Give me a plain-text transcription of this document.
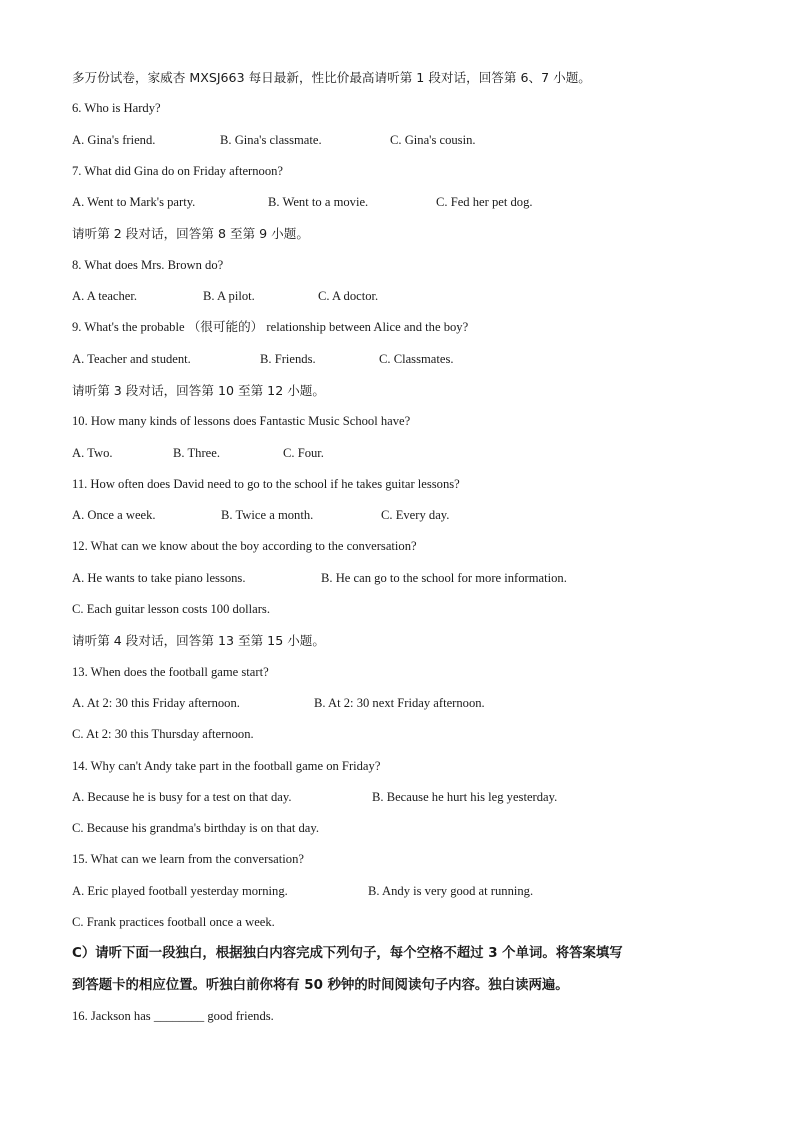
多万份试卷，家威杏 MXSJ663 每日最新，性比价最高请听第 1 段对话，回答第 6、7 小题。
6. Who is Hardy?
A. Gina's friend.	B. Gina's classmate.	C. Gina's cousin.
7. What did Gina do on Friday afternoon?
A. Went to Mark's party.	B. Went to a movie.	C. Fed her pet dog.
请听第 2 段对话，回答第 8 至第 9 小题。
8. What does Mrs. Brown do?
A. A teacher.	B. A pilot.	C. A doctor.
9. What's the probable （很可能的） relationship between Alice and the boy?
A. Teacher and student.	B. Friends.	C. Classmates.
请听第 3 段对话，回答第 10 至第 12 小题。
10. How many kinds of lessons does Fantastic Music School have?
A. Two.	B. Three.	C. Four.
11. How often does David need to go to the school if he takes guitar lessons?
A. Once a week.	B. Twice a month.	C. Every day.
12. What can we know about the boy according to the conversation?
A. He wants to take piano lessons.	B. He can go to the school for more information.
C. Each guitar lesson costs 100 dollars.
请听第 4 段对话，回答第 13 至第 15 小题。
13. When does the football game start?
A. At 2: 30 this Friday afternoon.	B. At 2: 30 next Friday afternoon.
C. At 2: 30 this Thursday afternoon.
14. Why can't Andy take part in the football game on Friday?
A. Because he is busy for a test on that day.	B. Because he hurt his leg yesterday.
C. Because his grandma's birthday is on that day.
15. What can we learn from the conversation?
A. Eric played football yesterday morning.	B. Andy is very good at running.
C. Frank practices football once a week.
C）请听下面一段独白，根据独白内容完成下列句子，每个空格不超过 3 个单词。将答案填写
到答题卡的相应位置。听独白前你将有 50 秒钟的时间阅读句子内容。独白读两遍。
16. Jackson has ________ good friends.
